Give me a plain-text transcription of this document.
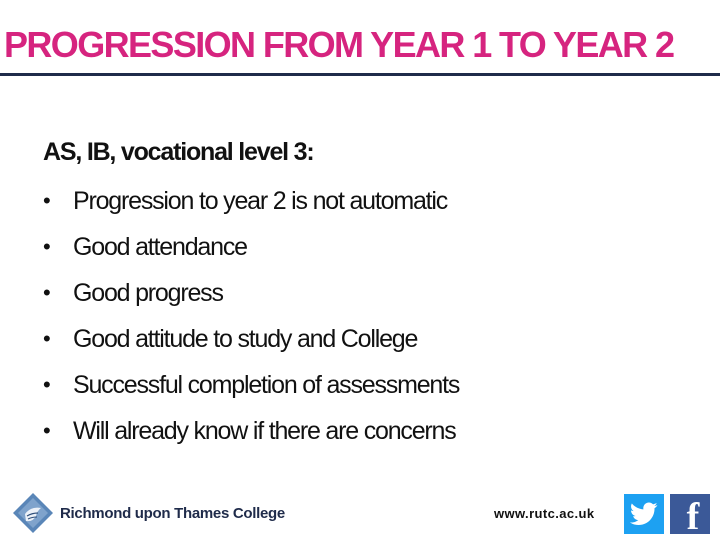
PROGRESSION FROM YEAR 1 TO YEAR 2
AS, IB, vocational level 3:
• Progression to year 2 is not automatic
• Good attendance
• Good progress
• Good attitude to study and College
• Successful completion of assessments
• Will already know if there are concerns
Richmond upon Thames College	www.rutc.ac.uk f
